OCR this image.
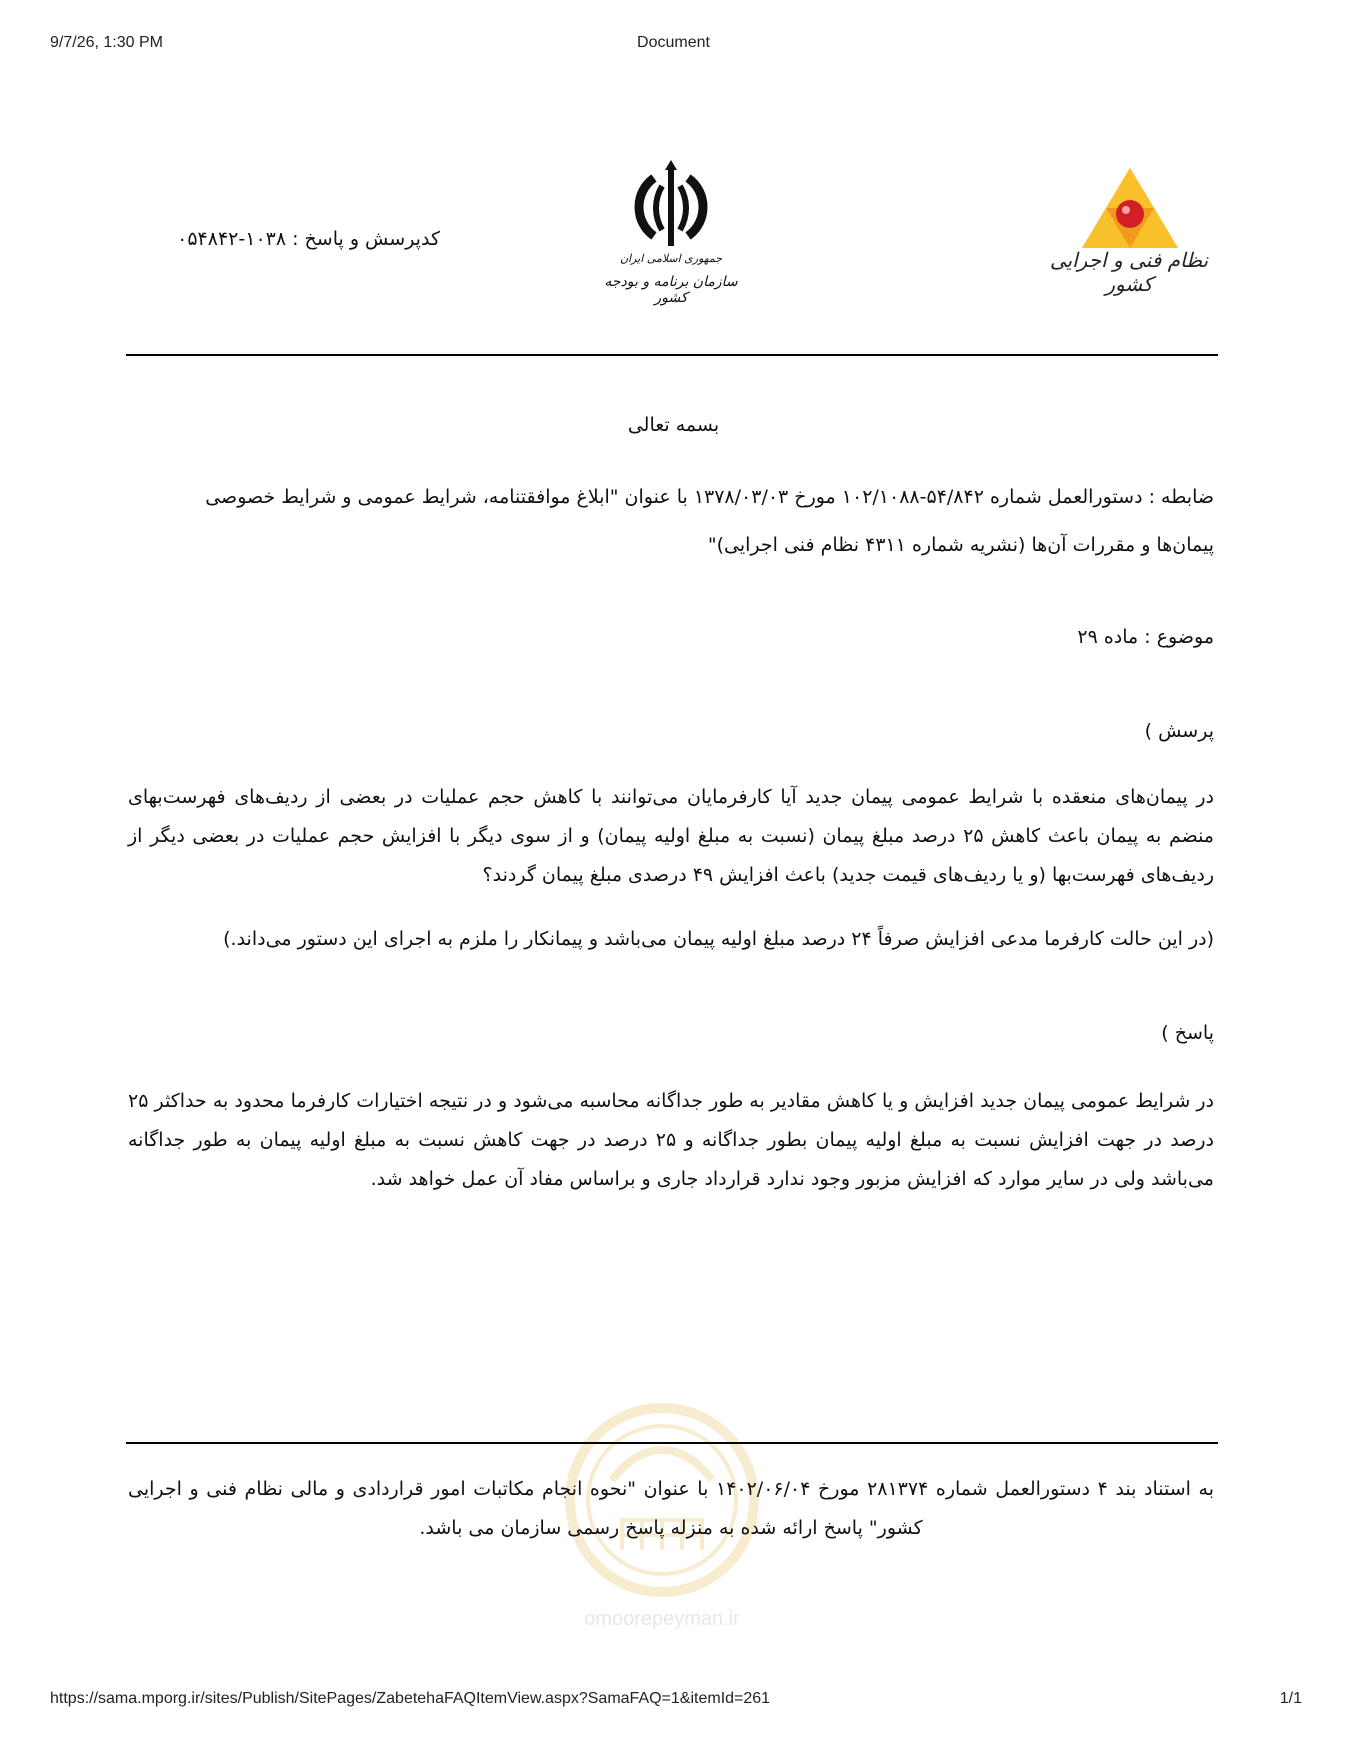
9/7/26, 1:30 PM	Document
نظام فنی و اجرایی کشور
جمهوری اسلامی ایران
سازمان برنامه و بودجه کشور
کدپرسش و پاسخ : ۱۰۳۸-۰۵۴۸۴۲
omoorepeyman.ir
بسمه تعالی
ضابطه : دستورالعمل شماره ۵۴/۸۴۲-۱۰۲/۱۰۸۸ مورخ ۱۳۷۸/۰۳/۰۳ با عنوان "ابلاغ موافقتنامه، شرایط عمومی و شرایط خصوصی
پیمان‌ها و مقررات آن‌ها (نشریه شماره ۴۳۱۱ نظام فنی اجرایی)"
موضوع : ماده ۲۹
پرسش )
در پیمان‌های منعقده با شرایط عمومی پیمان جدید آیا کارفرمایان می‌توانند با کاهش حجم عملیات در بعضی از ردیف‌های فهرست‌بهای منضم به پیمان باعث کاهش ۲۵ درصد مبلغ پیمان (نسبت به مبلغ اولیه پیمان) و از سوی دیگر با افزایش حجم عملیات در بعضی دیگر از ردیف‌های فهرست‌بها (و یا ردیف‌های قیمت جدید) باعث افزایش ۴۹ درصدی مبلغ پیمان گردند؟
(در این حالت کارفرما مدعی افزایش صرفاً ۲۴ درصد مبلغ اولیه پیمان می‌باشد و پیمانکار را ملزم به اجرای این دستور می‌داند.)
پاسخ )
در شرایط عمومی پیمان جدید افزایش و یا کاهش مقادیر به طور جداگانه محاسبه می‌شود و در نتیجه اختیارات کارفرما محدود به حداکثر ۲۵ درصد در جهت افزایش نسبت به مبلغ اولیه پیمان بطور جداگانه و ۲۵ درصد در جهت کاهش نسبت به مبلغ اولیه پیمان به طور جداگانه می‌باشد ولی در سایر موارد که افزایش مزبور وجود ندارد قرارداد جاری و براساس مفاد آن عمل خواهد شد.
به استناد بند ۴ دستورالعمل شماره ۲۸۱۳۷۴ مورخ ۱۴۰۲/۰۶/۰۴ با عنوان "نحوه انجام مکاتبات امور قراردادی و مالی نظام فنی و اجرایی کشور" پاسخ ارائه شده به منزله پاسخ رسمی سازمان می باشد.
https://sama.mporg.ir/sites/Publish/SitePages/ZabetehaFAQItemView.aspx?SamaFAQ=1&itemId=261	1/1
